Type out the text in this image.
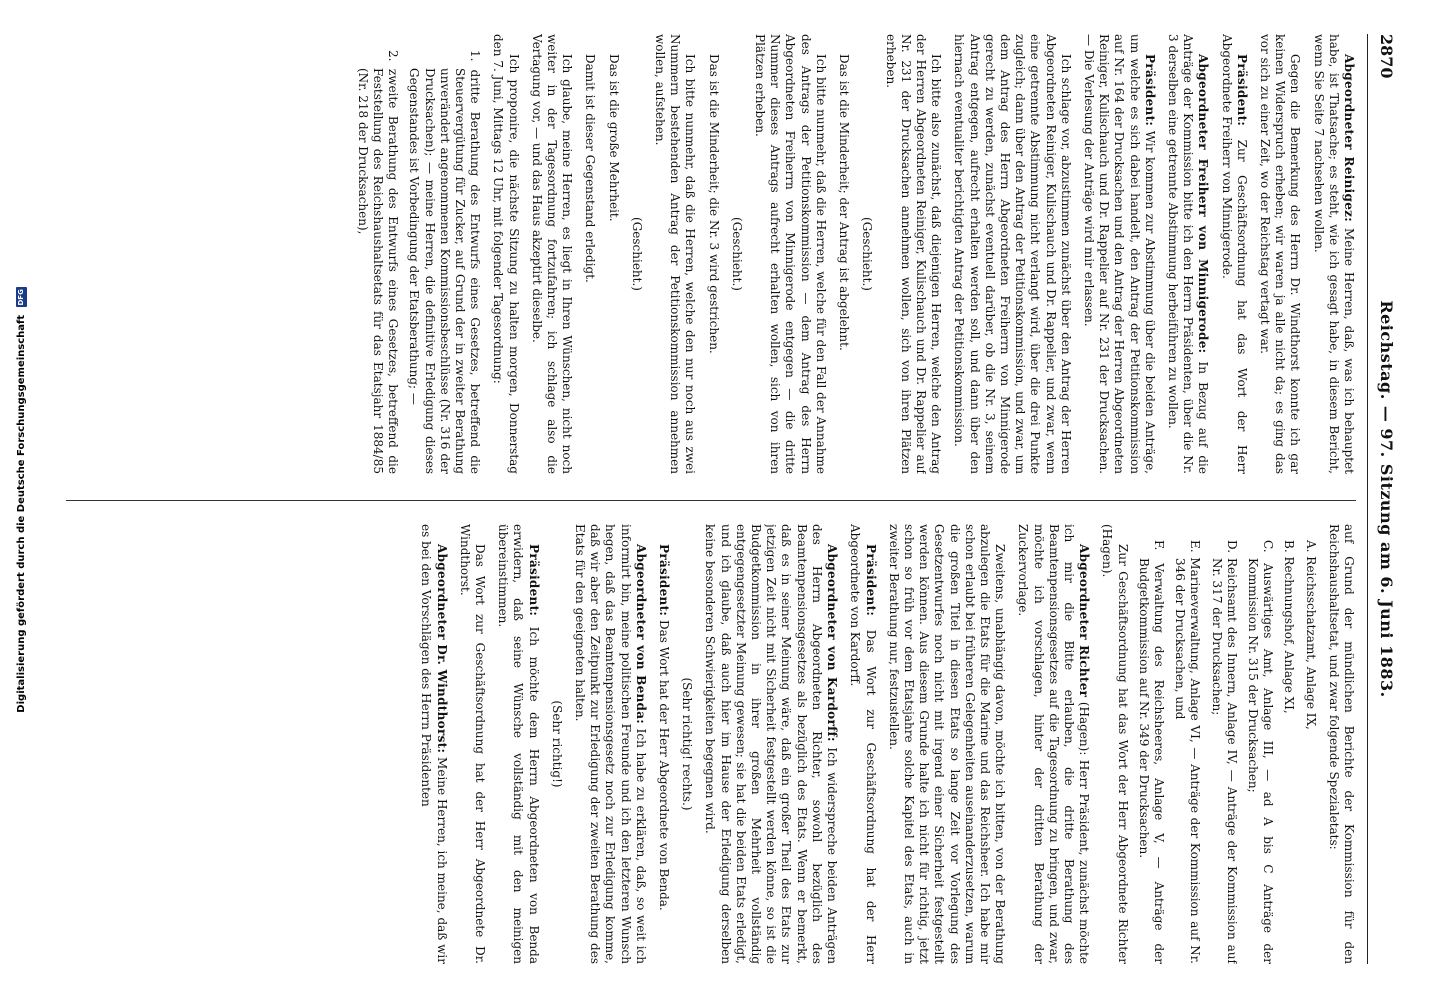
2870
Reichstag. — 97. Sitzung am 6. Juni 1883.

Abgeordneter Reinigez: Meine Herren, daß, was ich behauptet habe, ist Thatsache; es steht, wie ich gesagt habe, in diesem Bericht, wenn Sie Seite 7 nachsehen wollen.

Gegen die Bemerkung des Herrn Dr. Windthorst konnte ich gar keinen Widerspruch erheben; wir waren ja alle nicht da; es ging das vor sich zu einer Zeit, wo der Reichstag vertagt war.

Präsident: Zur Geschäftsordnung hat das Wort der Herr Abgeordnete Freiherr von Minnigerode.

Abgeordneter Freiherr von Minnigerode: In Bezug auf die Anträge der Kommission bitte ich den Herrn Präsidenten, über die Nr. 3 derselben eine getrennte Abstimmung herbeiführen zu wollen.

Präsident: Wir kommen zur Abstimmung über die beiden Anträge, um welche es sich dabei handelt, den Antrag der Petitionskommission auf Nr. 164 der Drucksachen und den Antrag der Herren Abgeordneten Reiniger, Kulischauch und Dr. Rappelier auf Nr. 231 der Drucksachen. — Die Verlesung der Anträge wird mir erlassen.

Ich schlage vor, abzustimmen zunächst über den Antrag der Herren Abgeordneten Reiniger, Kulischauch und Dr. Rappelier, und zwar, wenn eine getrennte Abstimmung nicht verlangt wird, über die drei Punkte zugleich; dann über den Antrag der Petitionskommission, und zwar, um dem Antrag des Herrn Abgeordneten Freiherrn von Minnigerode gerecht zu werden, zunächst eventuell darüber, ob die Nr. 3, seinem Antrag entgegen, aufrecht erhalten werden soll, und dann über den hiernach eventualiter berichtigten Antrag der Petitionskommission.

Ich bitte also zunächst, daß diejenigen Herren, welche den Antrag der Herren Abgeordneten Reiniger, Kulischauch und Dr. Rappelier auf Nr. 231 der Drucksachen annehmen wollen, sich von ihren Plätzen erheben.

(Geschieht.)

Das ist die Minderheit; der Antrag ist abgelehnt.

Ich bitte nunmehr, daß die Herren, welche für den Fall der Annahme des Antrags der Petitionskommission — dem Antrag des Herrn Abgeordneten Freiherrn von Minnigerode entgegen — die dritte Nummer dieses Antrags aufrecht erhalten wollen, sich von ihren Plätzen erheben.

(Geschieht.)

Das ist die Minderheit; die Nr. 3 wird gestrichen.

Ich bitte nunmehr, daß die Herren, welche den nur noch aus zwei Nummern bestehenden Antrag der Petitionskommission annehmen wollen, aufstehen.

(Geschieht.)

Das ist die große Mehrheit.

Damit ist dieser Gegenstand erledigt.

Ich glaube, meine Herren, es liegt in Ihren Wünschen, nicht noch weiter in der Tagesordnung fortzufahren; ich schlage also die Vertagung vor, — und das Haus akzeptirt dieselbe.

Ich proponire, die nächste Sitzung zu halten morgen, Donnerstag den 7. Juni, Mittags 12 Uhr, mit folgender Tagesordnung:

1. dritte Berathung des Entwurfs eines Gesetzes, betreffend die Steuervergütung für Zucker, auf Grund der in zweiter Berathung unverändert angenommenen Kommissionsbeschlüsse (Nr. 316 der Drucksachen); — meine Herren, die definitive Erledigung dieses Gegenstandes ist Vorbedingung der Etatsberathung; —

2. zweite Berathung des Entwurfs eines Gesetzes, betreffend die Feststellung des Reichshaushaltsetats für das Etatsjahr 1884/85 (Nr. 218 der Drucksachen),

auf Grund der mündlichen Berichte der Kommission für den Reichshaushaltsetat, und zwar folgende Spezialetats:

A. Reichsschatzamt, Anlage IX,

B. Rechnungshof, Anlage XI,

C. Auswärtiges Amt, Anlage III, — ad A bis C Anträge der Kommission Nr. 315 der Drucksachen;

D. Reichsamt des Innern, Anlage IV, — Anträge der Kommission auf Nr. 317 der Drucksachen;

E. Marineverwaltung, Anlage VI, — Anträge der Kommission auf Nr. 346 der Drucksachen, und

F. Verwaltung des Reichsheeres, Anlage V, — Anträge der Budgetkommission auf Nr. 349 der Drucksachen.

Zur Geschäftsordnung hat das Wort der Herr Abgeordnete Richter (Hagen).

Abgeordneter Richter (Hagen): Herr Präsident, zunächst möchte ich mir die Bitte erlauben, die dritte Berathung des Beamtenpensionsgesetzes auf die Tagesordnung zu bringen, und zwar, möchte ich vorschlagen, hinter der dritten Berathung der Zuckervorlage.

Zweitens, unabhängig davon, möchte ich bitten, von der Berathung abzulegen die Etats für die Marine und das Reichsheer. Ich habe mir schon erlaubt bei früheren Gelegenheiten auseinanderzusetzen, warum die großen Titel in diesen Etats so lange Zeit vor Vorlegung des Gesetzentwurfes noch nicht mit irgend einer Sicherheit festgestellt werden können. Aus diesem Grunde halte ich nicht für richtig, jetzt schon so früh vor dem Etatsjahre solche Kapitel des Etats, auch in zweiter Berathung nur, festzustellen.

Präsident: Das Wort zur Geschäftsordnung hat der Herr Abgeordnete von Kardorff.

Abgeordneter von Kardorff: Ich widerspreche beiden Anträgen des Herrn Abgeordneten Richter, sowohl bezüglich des Beamtenpensionsgesetzes als bezüglich des Etats. Wenn er bemerkt, daß es in seiner Meinung wäre, daß ein großer Theil des Etats zur jetzigen Zeit nicht mit Sicherheit festgestellt werden könne, so ist die Budgetkommission in ihrer großen Mehrheit vollständig entgegengesetzter Meinung gewesen; sie hat die beiden Etats erledigt, und ich glaube, daß auch hier im Hause der Erledigung derselben keine besonderen Schwierigkeiten begegnen wird.

(Sehr richtig! rechts.)

Präsident: Das Wort hat der Herr Abgeordnete von Benda.

Abgeordneter von Benda: Ich habe zu erklären, daß, so weit ich informirt bin, meine politischen Freunde und ich den letzteren Wunsch hegen, daß das Beamtenpensionsgesetz noch zur Erledigung komme, daß wir aber den Zeitpunkt zur Erledigung der zweiten Berathung des Etats für den geeigneten halten.

(Sehr richtig!)

Präsident: Ich möchte dem Herrn Abgeordneten von Benda erwidern, daß seine Wünsche vollständig mit den meinigen übereinstimmen.

Das Wort zur Geschäftsordnung hat der Herr Abgeordnete Dr. Windthorst.

Abgeordneter Dr. Windthorst: Meine Herren, ich meine, daß wir es bei den Vorschlägen des Herrn Präsidenten

Digitalisierung gefördert durch die Deutsche Forschungsgemeinschaft DFG
